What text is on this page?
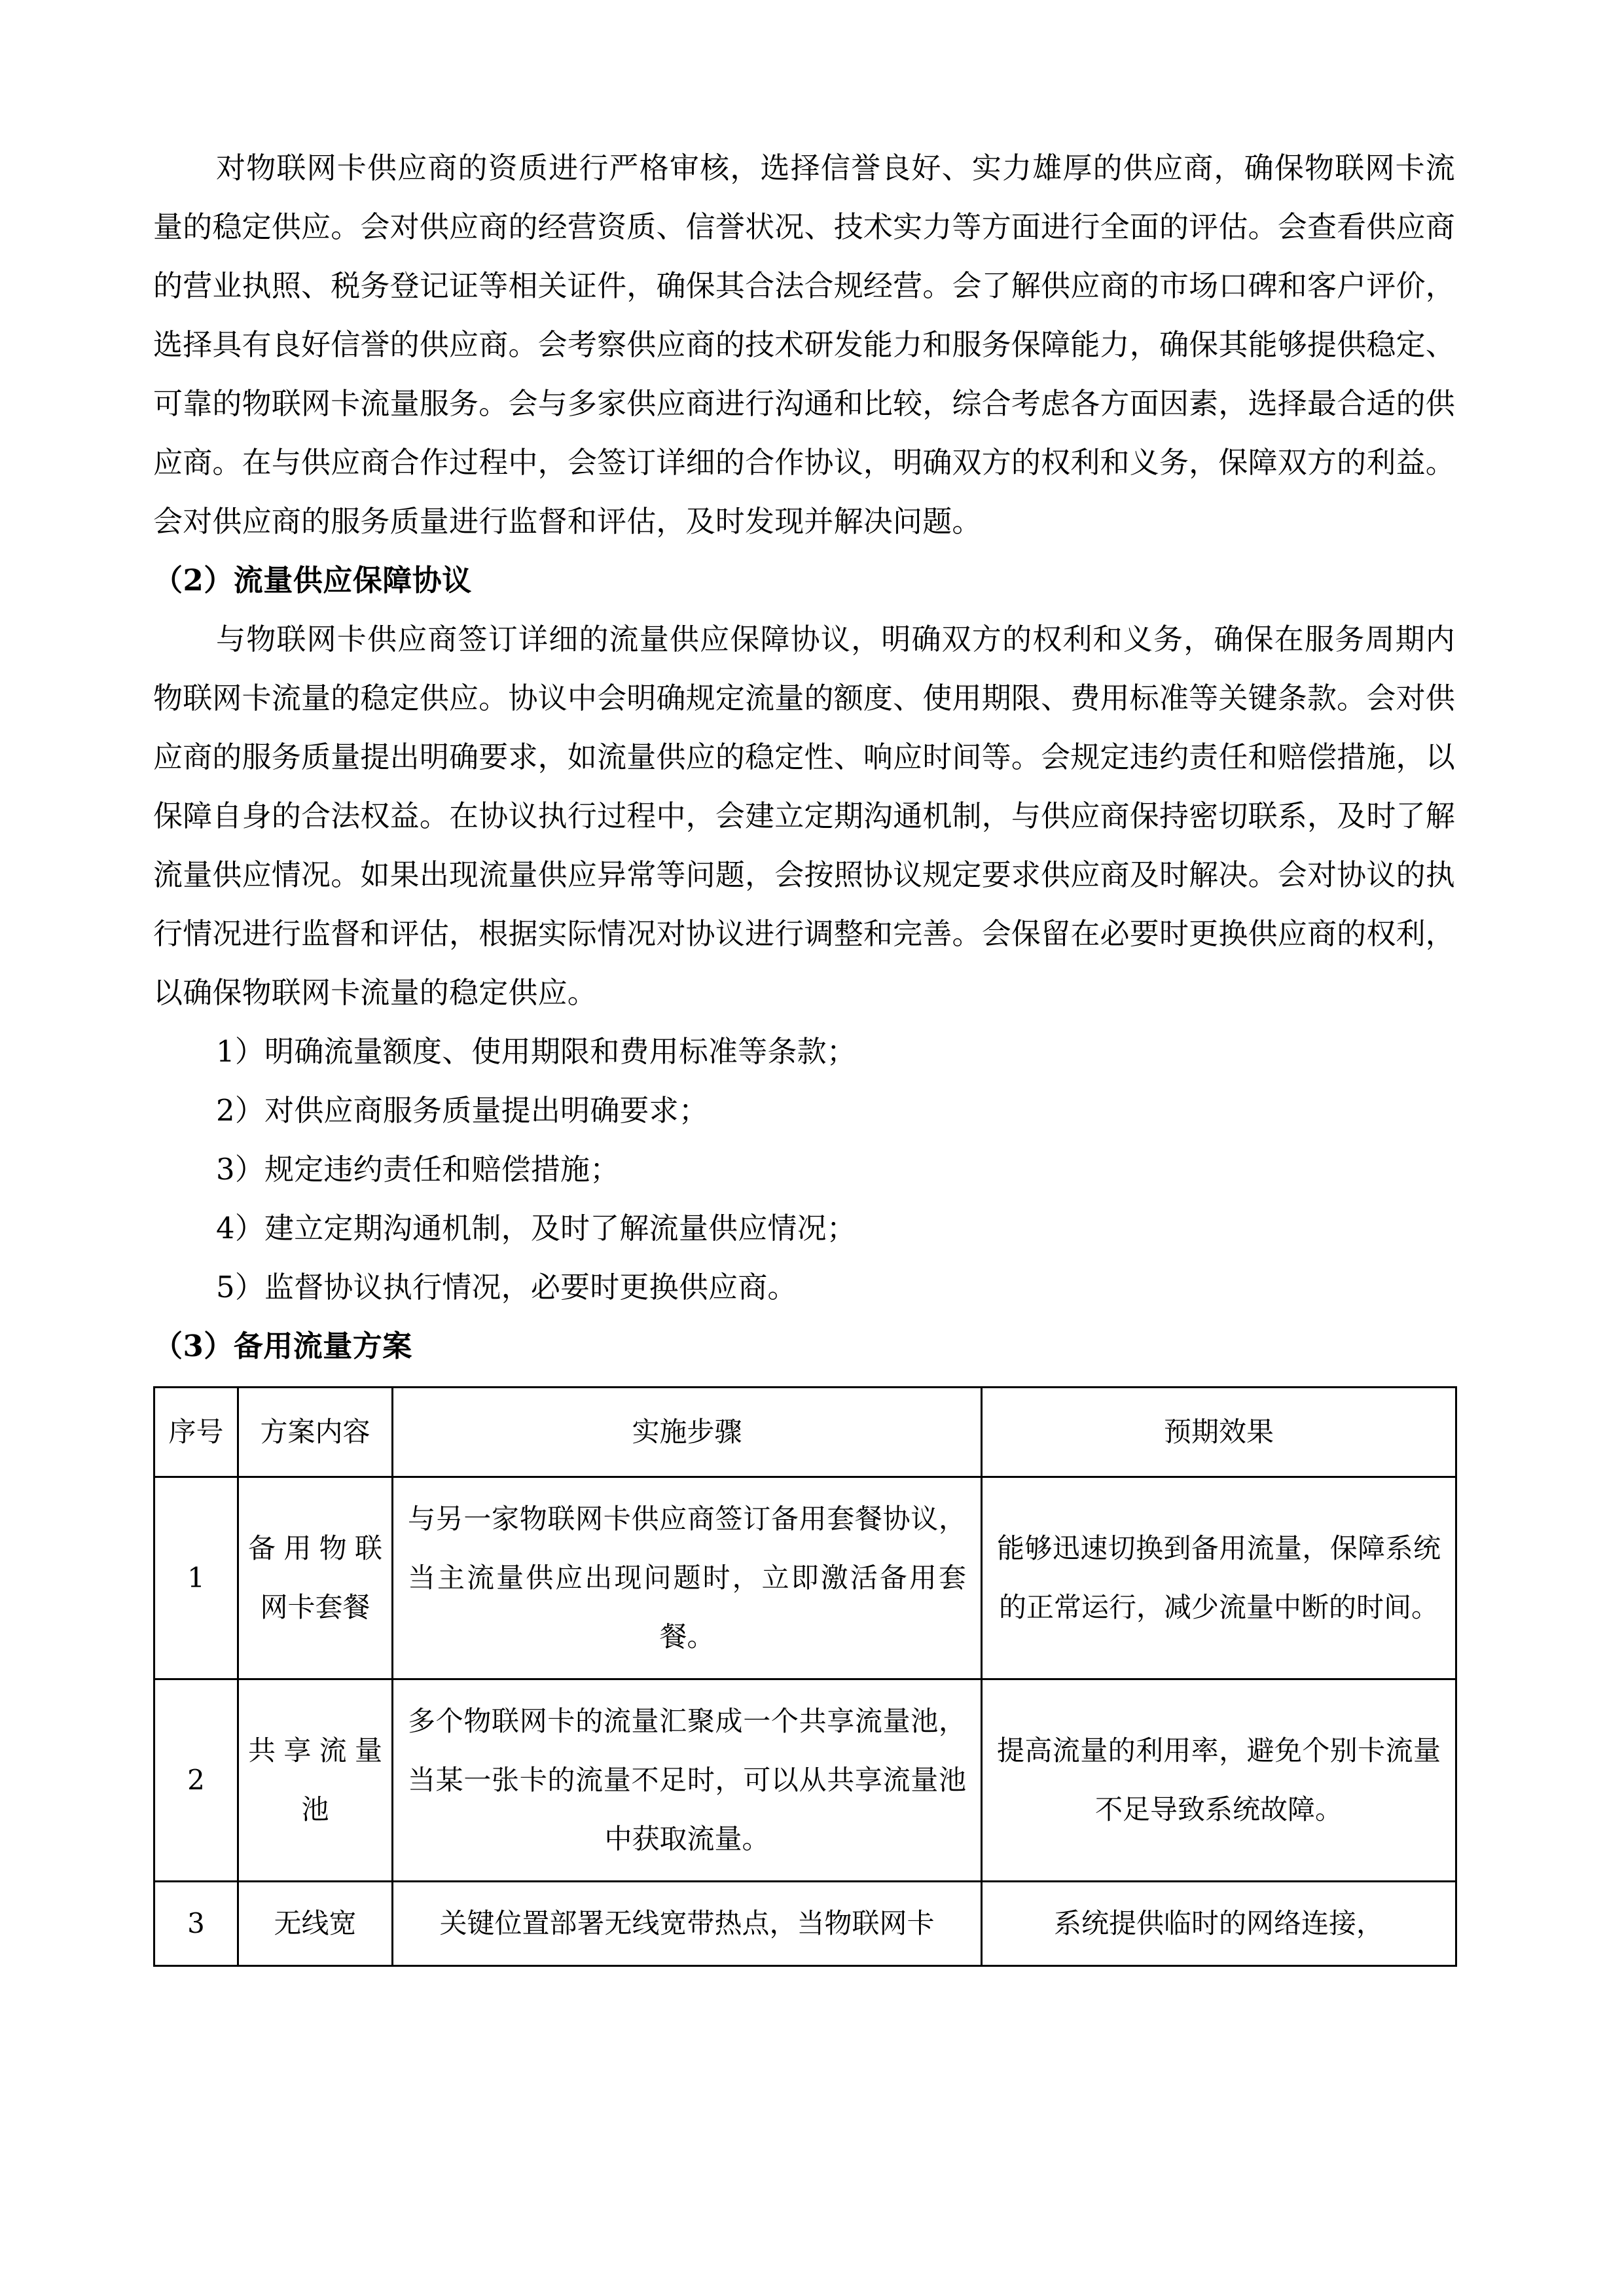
对物联网卡供应商的资质进行严格审核，选择信誉良好、实力雄厚的供应商，确保物联网卡流量的稳定供应。会对供应商的经营资质、信誉状况、技术实力等方面进行全面的评估。会查看供应商的营业执照、税务登记证等相关证件，确保其合法合规经营。会了解供应商的市场口碑和客户评价，选择具有良好信誉的供应商。会考察供应商的技术研发能力和服务保障能力，确保其能够提供稳定、可靠的物联网卡流量服务。会与多家供应商进行沟通和比较，综合考虑各方面因素，选择最合适的供应商。在与供应商合作过程中，会签订详细的合作协议，明确双方的权利和义务，保障双方的利益。会对供应商的服务质量进行监督和评估，及时发现并解决问题。

（2）流量供应保障协议

与物联网卡供应商签订详细的流量供应保障协议，明确双方的权利和义务，确保在服务周期内物联网卡流量的稳定供应。协议中会明确规定流量的额度、使用期限、费用标准等关键条款。会对供应商的服务质量提出明确要求，如流量供应的稳定性、响应时间等。会规定违约责任和赔偿措施，以保障自身的合法权益。在协议执行过程中，会建立定期沟通机制，与供应商保持密切联系，及时了解流量供应情况。如果出现流量供应异常等问题，会按照协议规定要求供应商及时解决。会对协议的执行情况进行监督和评估，根据实际情况对协议进行调整和完善。会保留在必要时更换供应商的权利，以确保物联网卡流量的稳定供应。

1）明确流量额度、使用期限和费用标准等条款；

2）对供应商服务质量提出明确要求；

3）规定违约责任和赔偿措施；

4）建立定期沟通机制，及时了解流量供应情况；

5）监督协议执行情况，必要时更换供应商。

（3）备用流量方案
序号	方案内容	实施步骤	预期效果
1	备用物联网卡套餐	与另一家物联网卡供应商签订备用套餐协议，当主流量供应出现问题时，立即激活备用套餐。	能够迅速切换到备用流量，保障系统的正常运行，减少流量中断的时间。
2	共享流量池	多个物联网卡的流量汇聚成一个共享流量池，当某一张卡的流量不足时，可以从共享流量池中获取流量。	提高流量的利用率，避免个别卡流量不足导致系统故障。
3	无线宽	关键位置部署无线宽带热点，当物联网卡	系统提供临时的网络连接，
